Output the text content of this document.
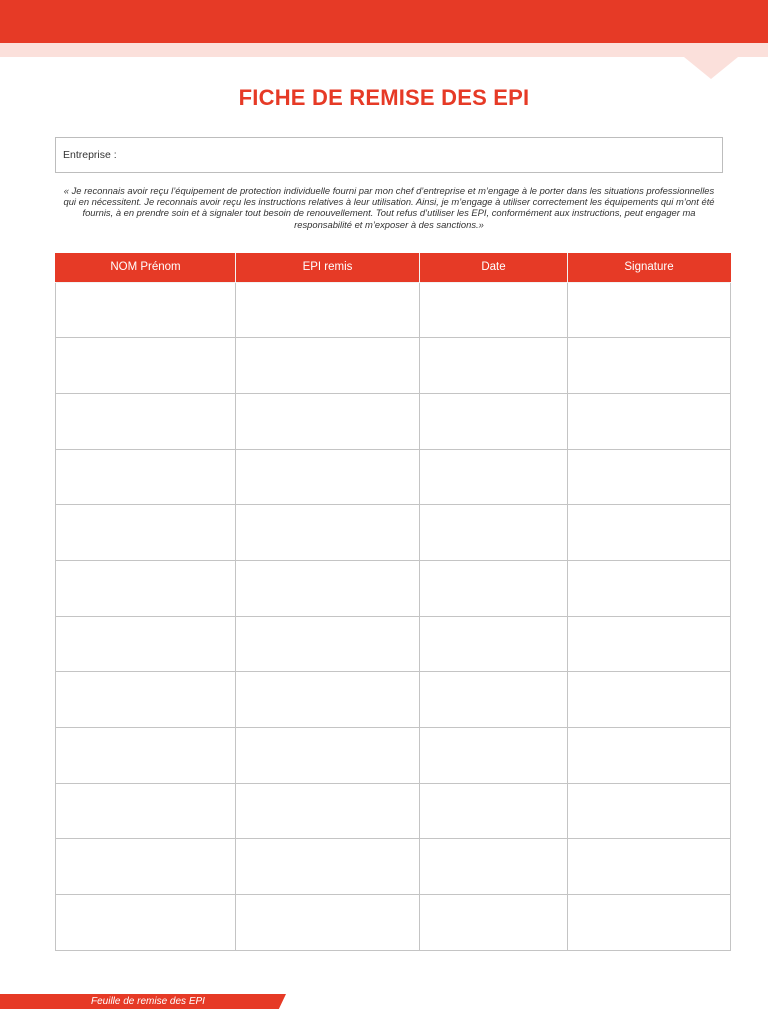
FICHE DE REMISE DES EPI
Entreprise :

« Je reconnais avoir reçu l’équipement de protection individuelle fourni par mon chef d’entreprise et m’engage à le porter dans les situations professionnelles qui en nécessitent. Je reconnais avoir reçu les instructions relatives à leur utilisation. Ainsi, je m’engage à utiliser correctement les équipements qui m’ont été fournis, à en prendre soin et à signaler tout besoin de renouvellement. Tout refus d’utiliser les EPI, conformément aux instructions, peut engager ma responsabilité et m’exposer à des sanctions.»

NOM Prénom	EPI remis	Date	Signature

Feuille de remise des EPI
